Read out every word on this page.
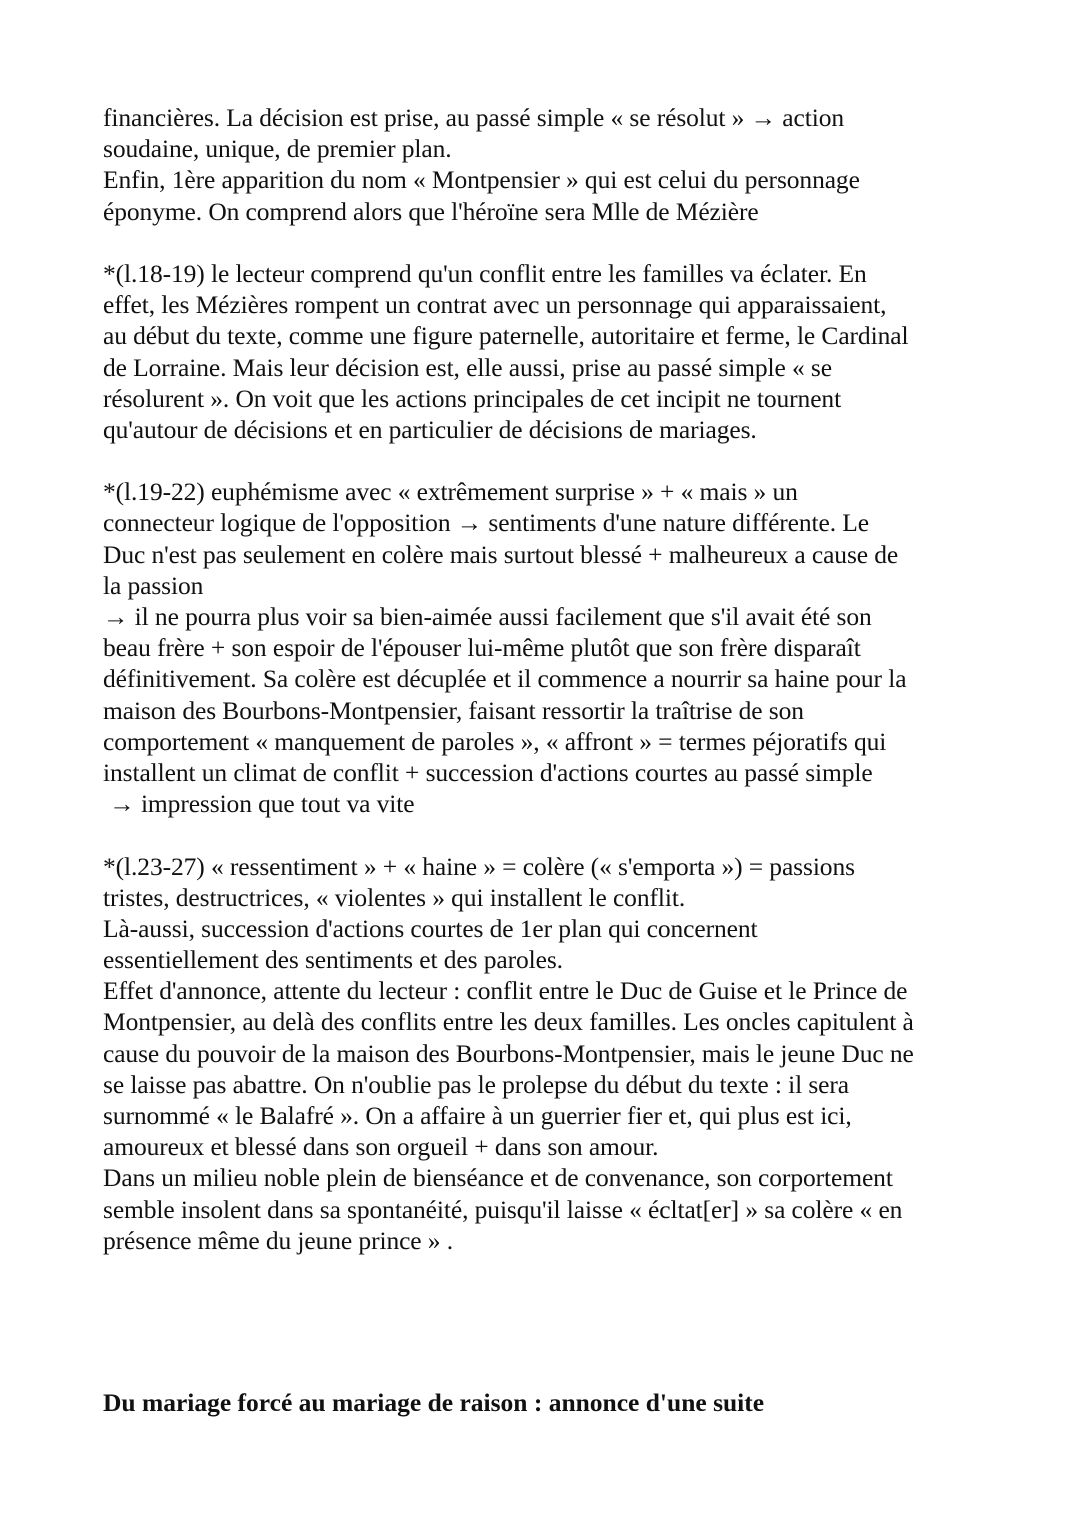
financières. La décision est prise, au passé simple « se résolut » → action
soudaine, unique, de premier plan.
Enfin, 1ère apparition du nom « Montpensier » qui est celui du personnage
éponyme. On comprend alors que l'héroïne sera Mlle de Mézière
*(l.18-19) le lecteur comprend qu'un conflit entre les familles va éclater. En
effet, les Mézières rompent un contrat avec un personnage qui apparaissaient,
au début du texte, comme une figure paternelle, autoritaire et ferme, le Cardinal
de Lorraine. Mais leur décision est, elle aussi, prise au passé simple « se
résolurent ». On voit que les actions principales de cet incipit ne tournent
qu'autour de décisions et en particulier de décisions de mariages.
*(l.19-22) euphémisme avec « extrêmement surprise » + « mais » un
connecteur logique de l'opposition → sentiments d'une nature différente. Le
Duc n'est pas seulement en colère mais surtout blessé + malheureux a cause de
la passion
→ il ne pourra plus voir sa bien-aimée aussi facilement que s'il avait été son
beau frère + son espoir de l'épouser lui-même plutôt que son frère disparaît
définitivement. Sa colère est décuplée et il commence a nourrir sa haine pour la
maison des Bourbons-Montpensier, faisant ressortir la traîtrise de son
comportement « manquement de paroles », « affront » = termes péjoratifs qui
installent un climat de conflit + succession d'actions courtes au passé simple
→ impression que tout va vite
*(l.23-27) « ressentiment » + « haine » = colère (« s'emporta ») = passions
tristes, destructrices, « violentes » qui installent le conflit.
Là-aussi, succession d'actions courtes de 1er plan qui concernent
essentiellement des sentiments et des paroles.
Effet d'annonce, attente du lecteur : conflit entre le Duc de Guise et le Prince de
Montpensier, au delà des conflits entre les deux familles. Les oncles capitulent à
cause du pouvoir de la maison des Bourbons-Montpensier, mais le jeune Duc ne
se laisse pas abattre. On n'oublie pas le prolepse du début du texte : il sera
surnommé « le Balafré ». On a affaire à un guerrier fier et, qui plus est ici,
amoureux et blessé dans son orgueil + dans son amour.
Dans un milieu noble plein de bienséance et de convenance, son corportement
semble insolent dans sa spontanéité, puisqu'il laisse « écltat[er] » sa colère « en
présence même du jeune prince » .
Du mariage forcé au mariage de raison : annonce d'une suite
